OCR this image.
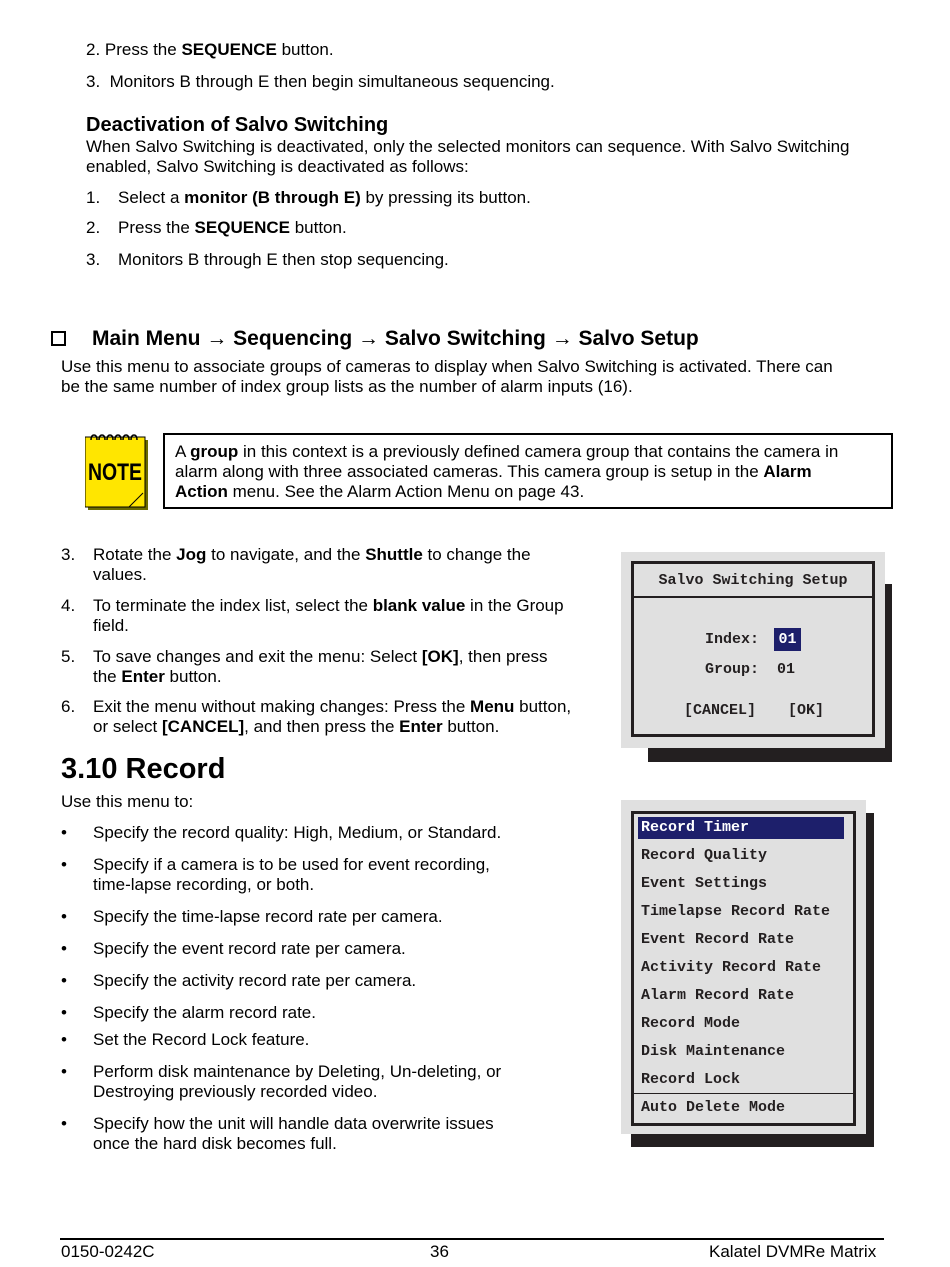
2. Press the SEQUENCE button.
3.  Monitors B through E then begin simultaneous sequencing.
Deactivation of Salvo Switching
When Salvo Switching is deactivated, only the selected monitors can sequence. With Salvo Switching
enabled, Salvo Switching is deactivated as follows:
1. Select a monitor (B through E) by pressing its button.
2. Press the SEQUENCE button.
3. Monitors B through E then stop sequencing.
Main Menu → Sequencing → Salvo Switching → Salvo Setup
Use this menu to associate groups of cameras to display when Salvo Switching is activated. There can
be the same number of index group lists as the number of alarm inputs (16).
NOTE
A group in this context is a previously defined camera group that contains the camera in
alarm along with three associated cameras. This camera group is setup in the Alarm
Action menu. See the Alarm Action Menu on page 43.
3. Rotate the Jog to navigate, and the Shuttle to change the
values.
4. To terminate the index list, select the blank value in the Group
field.
5. To save changes and exit the menu: Select [OK], then press
the Enter button.
6. Exit the menu without making changes: Press the Menu button,
or select [CANCEL], and then press the Enter button.
Salvo Switching Setup
Index: 01
Group: 01
[CANCEL] [OK]
3.10 Record
Use this menu to:
• Specify the record quality: High, Medium, or Standard.
• Specify if a camera is to be used for event recording,
time-lapse recording, or both.
• Specify the time-lapse record rate per camera.
• Specify the event record rate per camera.
• Specify the activity record rate per camera.
• Specify the alarm record rate.
• Set the Record Lock feature.
• Perform disk maintenance by Deleting, Un-deleting, or
Destroying previously recorded video.
• Specify how the unit will handle data overwrite issues
once the hard disk becomes full.
Record Timer
Record Quality
Event Settings
Timelapse Record Rate
Event Record Rate
Activity Record Rate
Alarm Record Rate
Record Mode
Disk Maintenance
Record Lock
Auto Delete Mode
0150-0242C	36	Kalatel DVMRe Matrix
